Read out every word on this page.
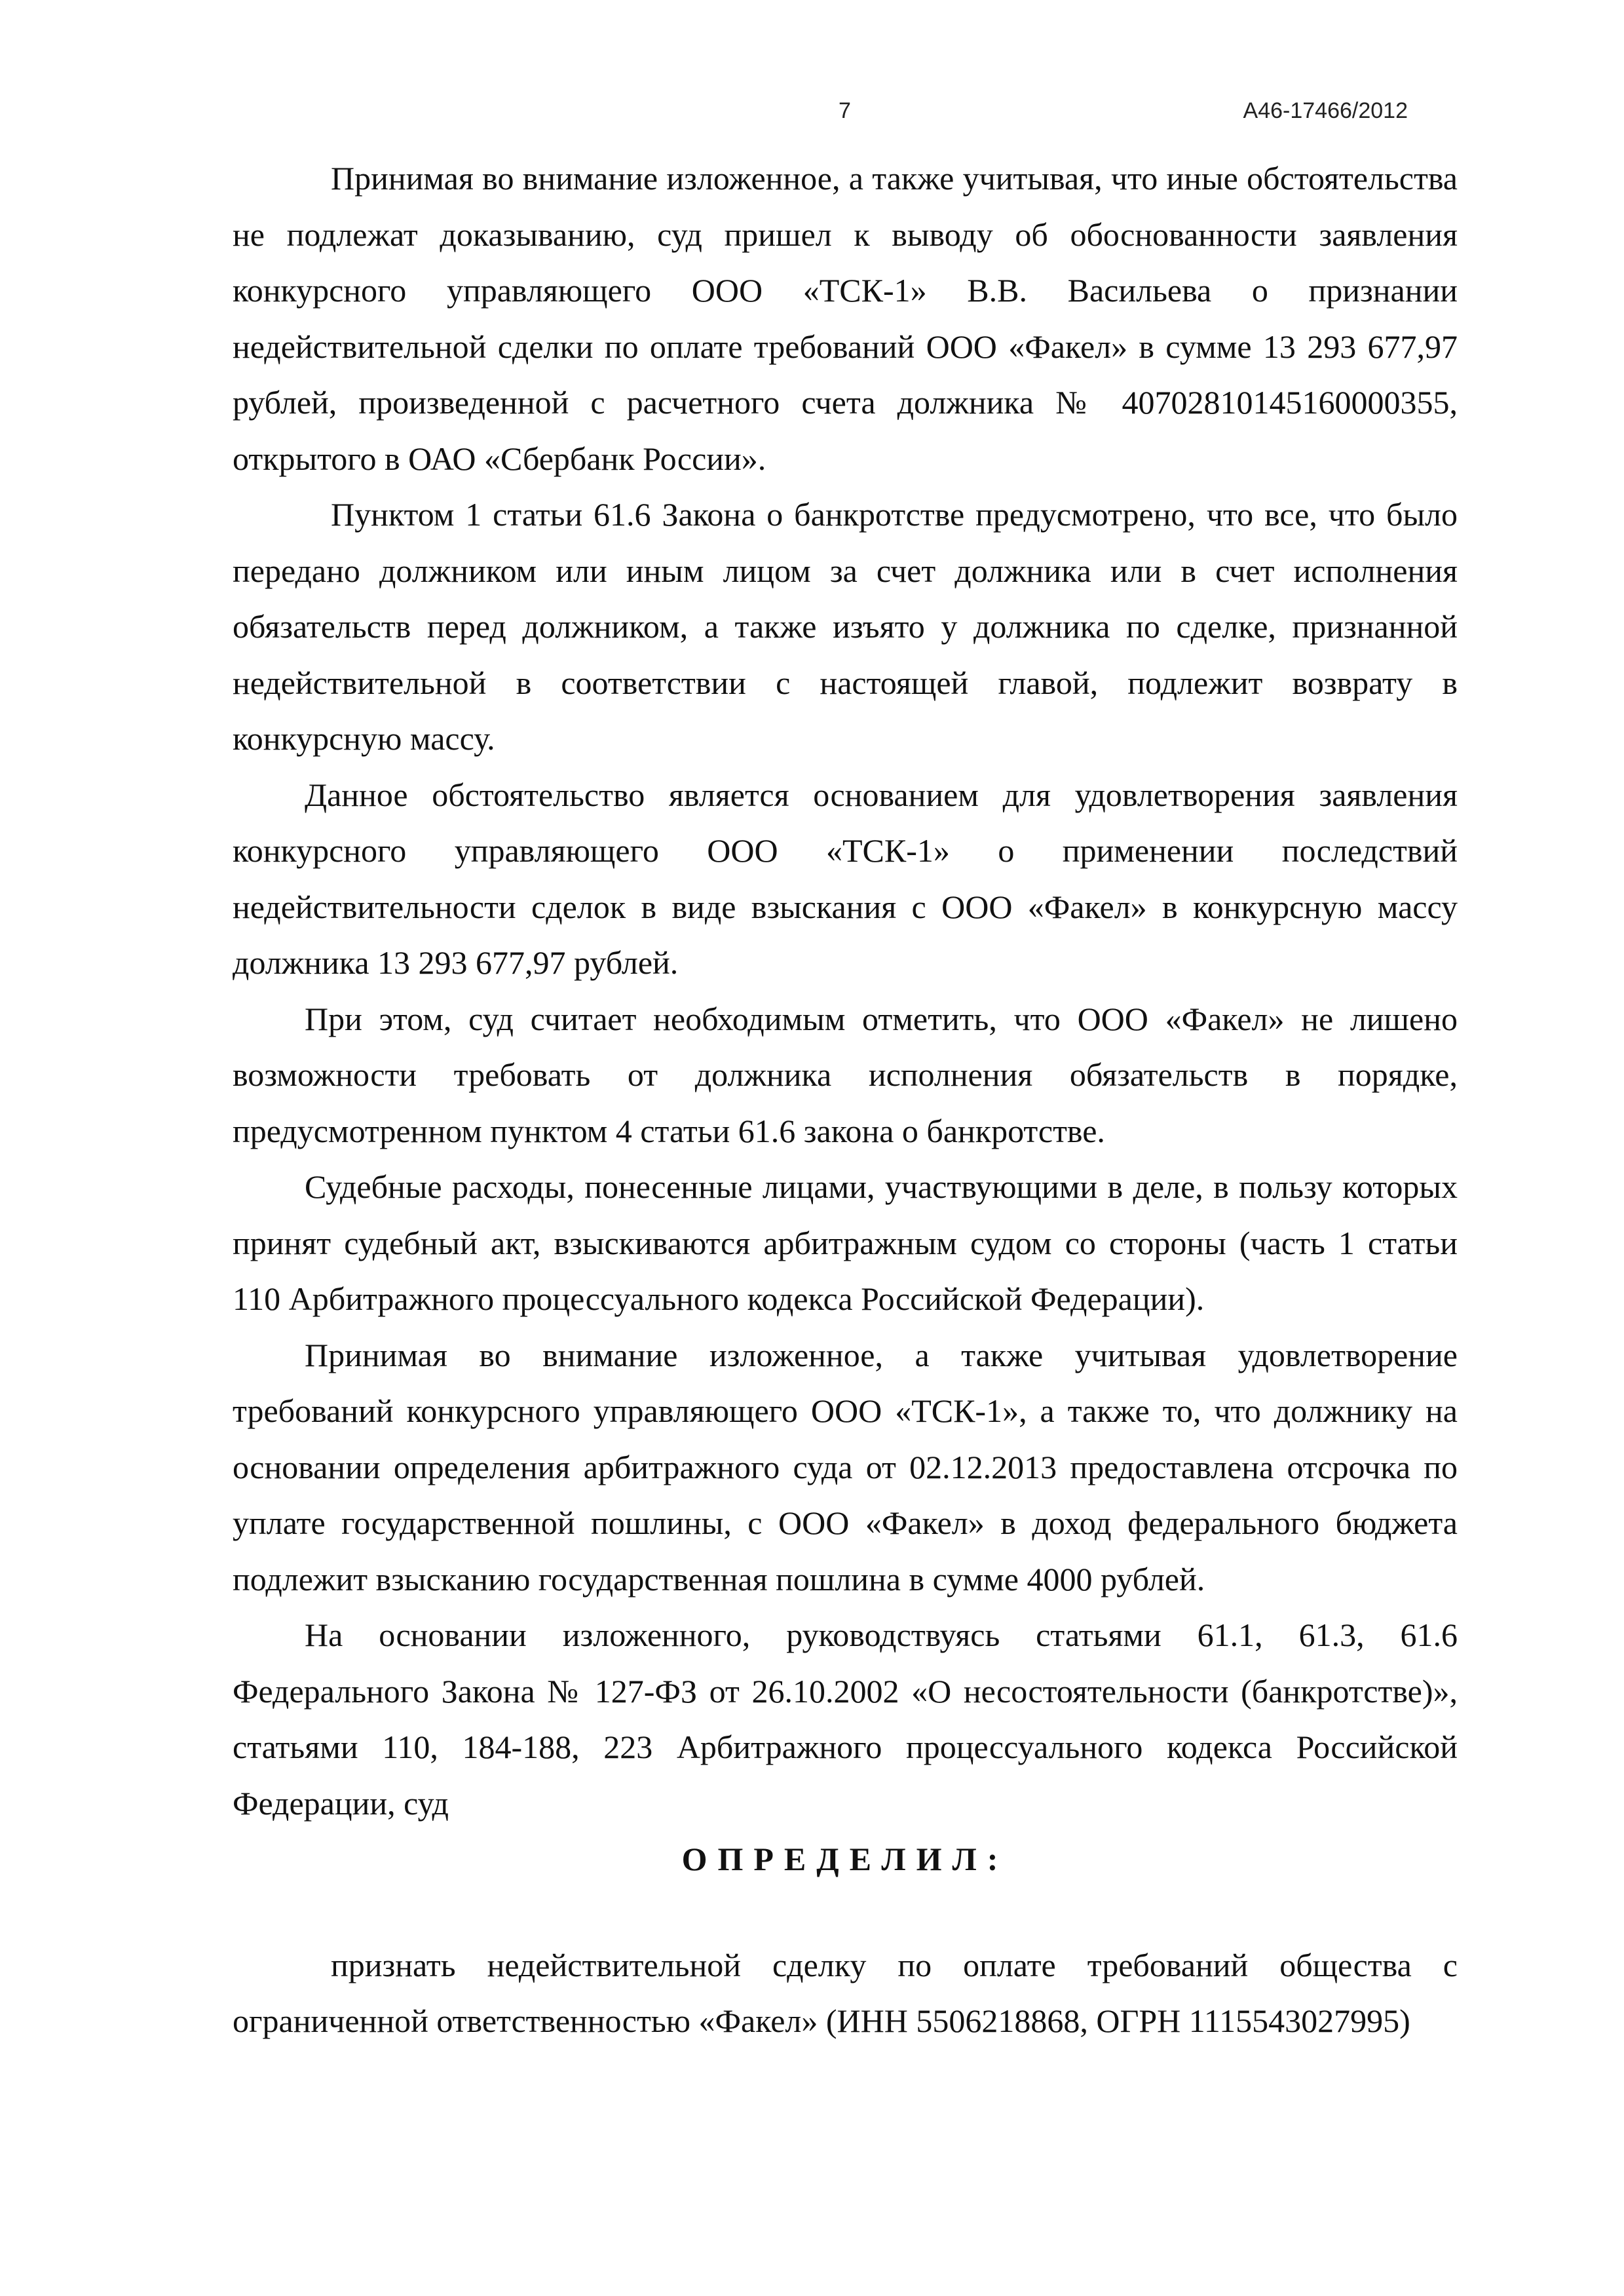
7	А46-17466/2012

Принимая во внимание изложенное, а также учитывая, что иные обстоятельства не подлежат доказыванию, суд пришел к выводу об обоснованности заявления конкурсного управляющего ООО «ТСК-1» В.В. Васильева о признании недействительной сделки по оплате требований ООО «Факел» в сумме 13 293 677,97 рублей, произведенной с расчетного счета должника № 40702810145160000355, открытого в ОАО «Сбербанк России».

Пунктом 1 статьи 61.6 Закона о банкротстве предусмотрено, что все, что было передано должником или иным лицом за счет должника или в счет исполнения обязательств перед должником, а также изъято у должника по сделке, признанной недействительной в соответствии с настоящей главой, подлежит возврату в конкурсную массу.

Данное обстоятельство является основанием для удовлетворения заявления конкурсного управляющего ООО «ТСК-1» о применении последствий недействительности сделок в виде взыскания с ООО «Факел» в конкурсную массу должника 13 293 677,97 рублей.

При этом, суд считает необходимым отметить, что ООО «Факел» не лишено возможности требовать от должника исполнения обязательств в порядке, предусмотренном пунктом 4 статьи 61.6 закона о банкротстве.

Судебные расходы, понесенные лицами, участвующими в деле, в пользу которых принят судебный акт, взыскиваются арбитражным судом со стороны (часть 1 статьи 110 Арбитражного процессуального кодекса Российской Федерации).

Принимая во внимание изложенное, а также учитывая удовлетворение требований конкурсного управляющего ООО «ТСК-1», а также то, что должнику на основании определения арбитражного суда от 02.12.2013 предоставлена отсрочка по уплате государственной пошлины, с ООО «Факел» в доход федерального бюджета подлежит взысканию государственная пошлина в сумме 4000 рублей.

На основании изложенного, руководствуясь статьями 61.1, 61.3, 61.6 Федерального Закона № 127-ФЗ от 26.10.2002 «О несостоятельности (банкротстве)», статьями 110, 184-188, 223 Арбитражного процессуального кодекса Российской Федерации, суд

ОПРЕДЕЛИЛ:

признать недействительной сделку по оплате требований общества с ограниченной ответственностью «Факел» (ИНН 5506218868, ОГРН 1115543027995)
